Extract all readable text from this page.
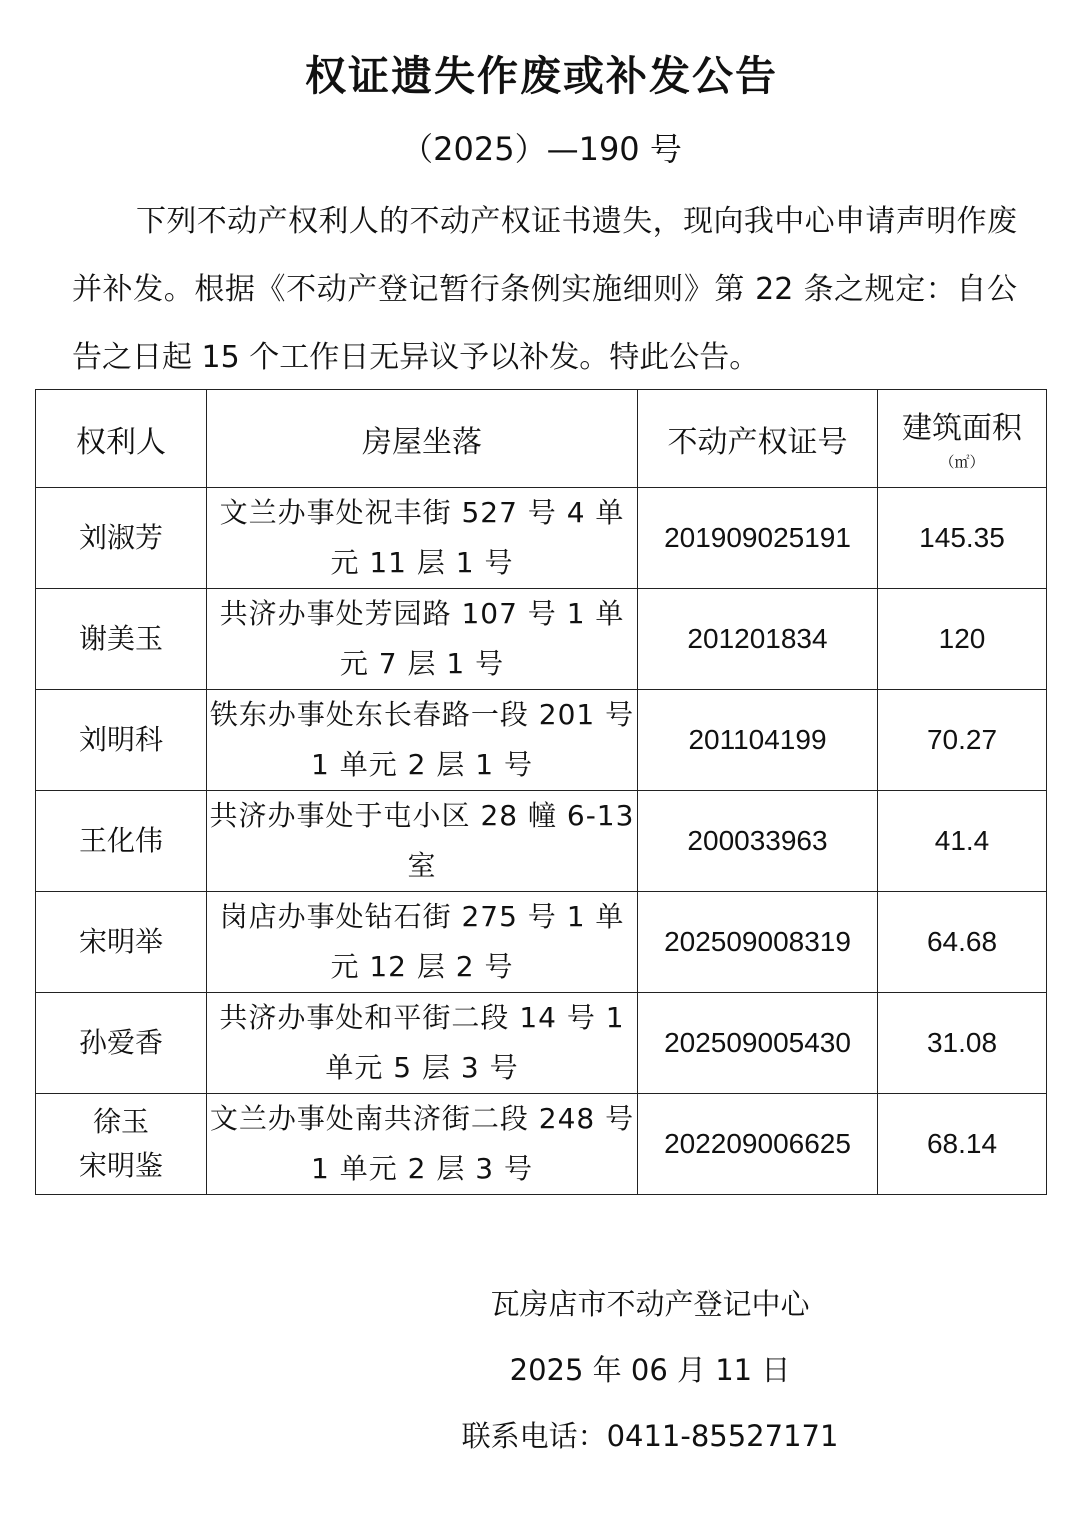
权证遗失作废或补发公告
（2025）—190 号
下列不动产权利人的不动产权证书遗失，现向我中心申请声明作废并补发。根据《不动产登记暂行条例实施细则》第 22 条之规定：自公告之日起 15 个工作日无异议予以补发。特此公告。
权利人	房屋坐落	不动产权证号	建筑面积
（㎡）

刘淑芳	文兰办事处祝丰街 527 号 4 单元 11 层 1 号	201909025191	145.35

谢美玉	共济办事处芳园路 107 号 1 单元 7 层 1 号	201201834	120

刘明科	铁东办事处东长春路一段 201 号 1 单元 2 层 1 号	201104199	70.27

王化伟	共济办事处于屯小区 28 幢 6-13 室	200033963	41.4

宋明举	岗店办事处钻石街 275 号 1 单元 12 层 2 号	202509008319	64.68

孙爱香	共济办事处和平街二段 14 号 1 单元 5 层 3 号	202509005430	31.08

徐玉
宋明鉴	文兰办事处南共济街二段 248 号 1 单元 2 层 3 号	202209006625	68.14
瓦房店市不动产登记中心
2025 年 06 月 11 日
联系电话：0411-85527171
